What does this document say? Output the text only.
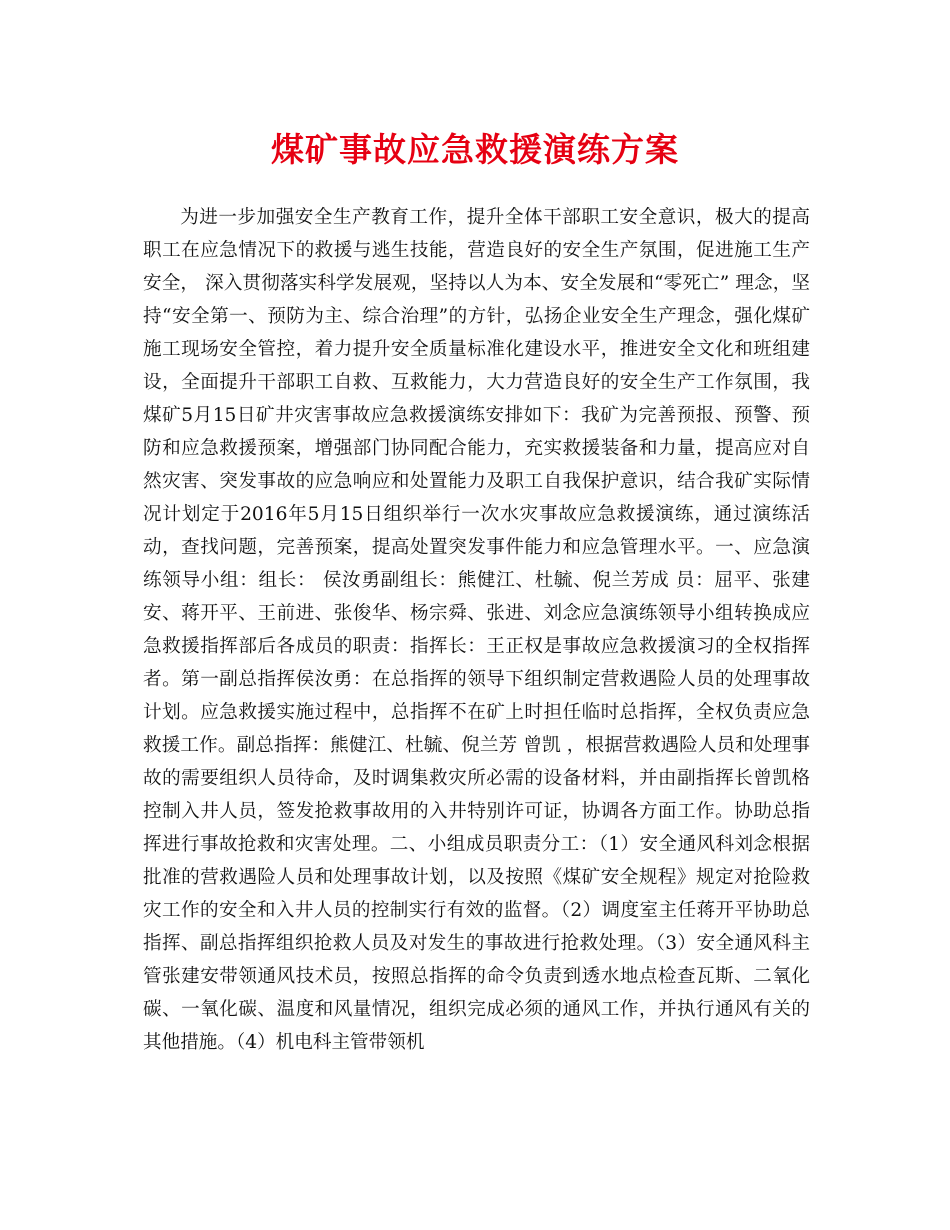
煤矿事故应急救援演练方案

为进一步加强安全生产教育工作，提升全体干部职工安全意识，极大的提高职工在应急情况下的救援与逃生技能，营造良好的安全生产氛围，促进施工生产安全， 深入贯彻落实科学发展观，坚持以人为本、安全发展和“零死亡” 理念，坚持“安全第一、预防为主、综合治理”的方针，弘扬企业安全生产理念，强化煤矿施工现场安全管控，着力提升安全质量标准化建设水平，推进安全文化和班组建设，全面提升干部职工自救、互救能力，大力营造良好的安全生产工作氛围，我煤矿5月15日矿井灾害事故应急救援演练安排如下：我矿为完善预报、预警、预防和应急救援预案，增强部门协同配合能力，充实救援装备和力量，提高应对自然灾害、突发事故的应急响应和处置能力及职工自我保护意识，结合我矿实际情况计划定于2016年5月15日组织举行一次水灾事故应急救援演练，通过演练活动，查找问题，完善预案，提高处置突发事件能力和应急管理水平。一、应急演练领导小组：组长： 侯汝勇副组长：熊健江、杜毓、倪兰芳成 员：屈平、张建安、蒋开平、王前进、张俊华、杨宗舜、张进、刘念应急演练领导小组转换成应急救援指挥部后各成员的职责：指挥长：王正权是事故应急救援演习的全权指挥者。第一副总指挥侯汝勇：在总指挥的领导下组织制定营救遇险人员的处理事故计划。应急救援实施过程中，总指挥不在矿上时担任临时总指挥，全权负责应急救援工作。副总指挥：熊健江、杜毓、倪兰芳 曾凯 ，根据营救遇险人员和处理事故的需要组织人员待命，及时调集救灾所必需的设备材料，并由副指挥长曾凯格控制入井人员，签发抢救事故用的入井特别许可证，协调各方面工作。协助总指挥进行事故抢救和灾害处理。二、小组成员职责分工：（1）安全通风科刘念根据批准的营救遇险人员和处理事故计划，以及按照《煤矿安全规程》规定对抢险救灾工作的安全和入井人员的控制实行有效的监督。（2）调度室主任蒋开平协助总指挥、副总指挥组织抢救人员及对发生的事故进行抢救处理。（3）安全通风科主管张建安带领通风技术员，按照总指挥的命令负责到透水地点检查瓦斯、二氧化碳、一氧化碳、温度和风量情况，组织完成必须的通风工作，并执行通风有关的其他措施。（4）机电科主管带领机
